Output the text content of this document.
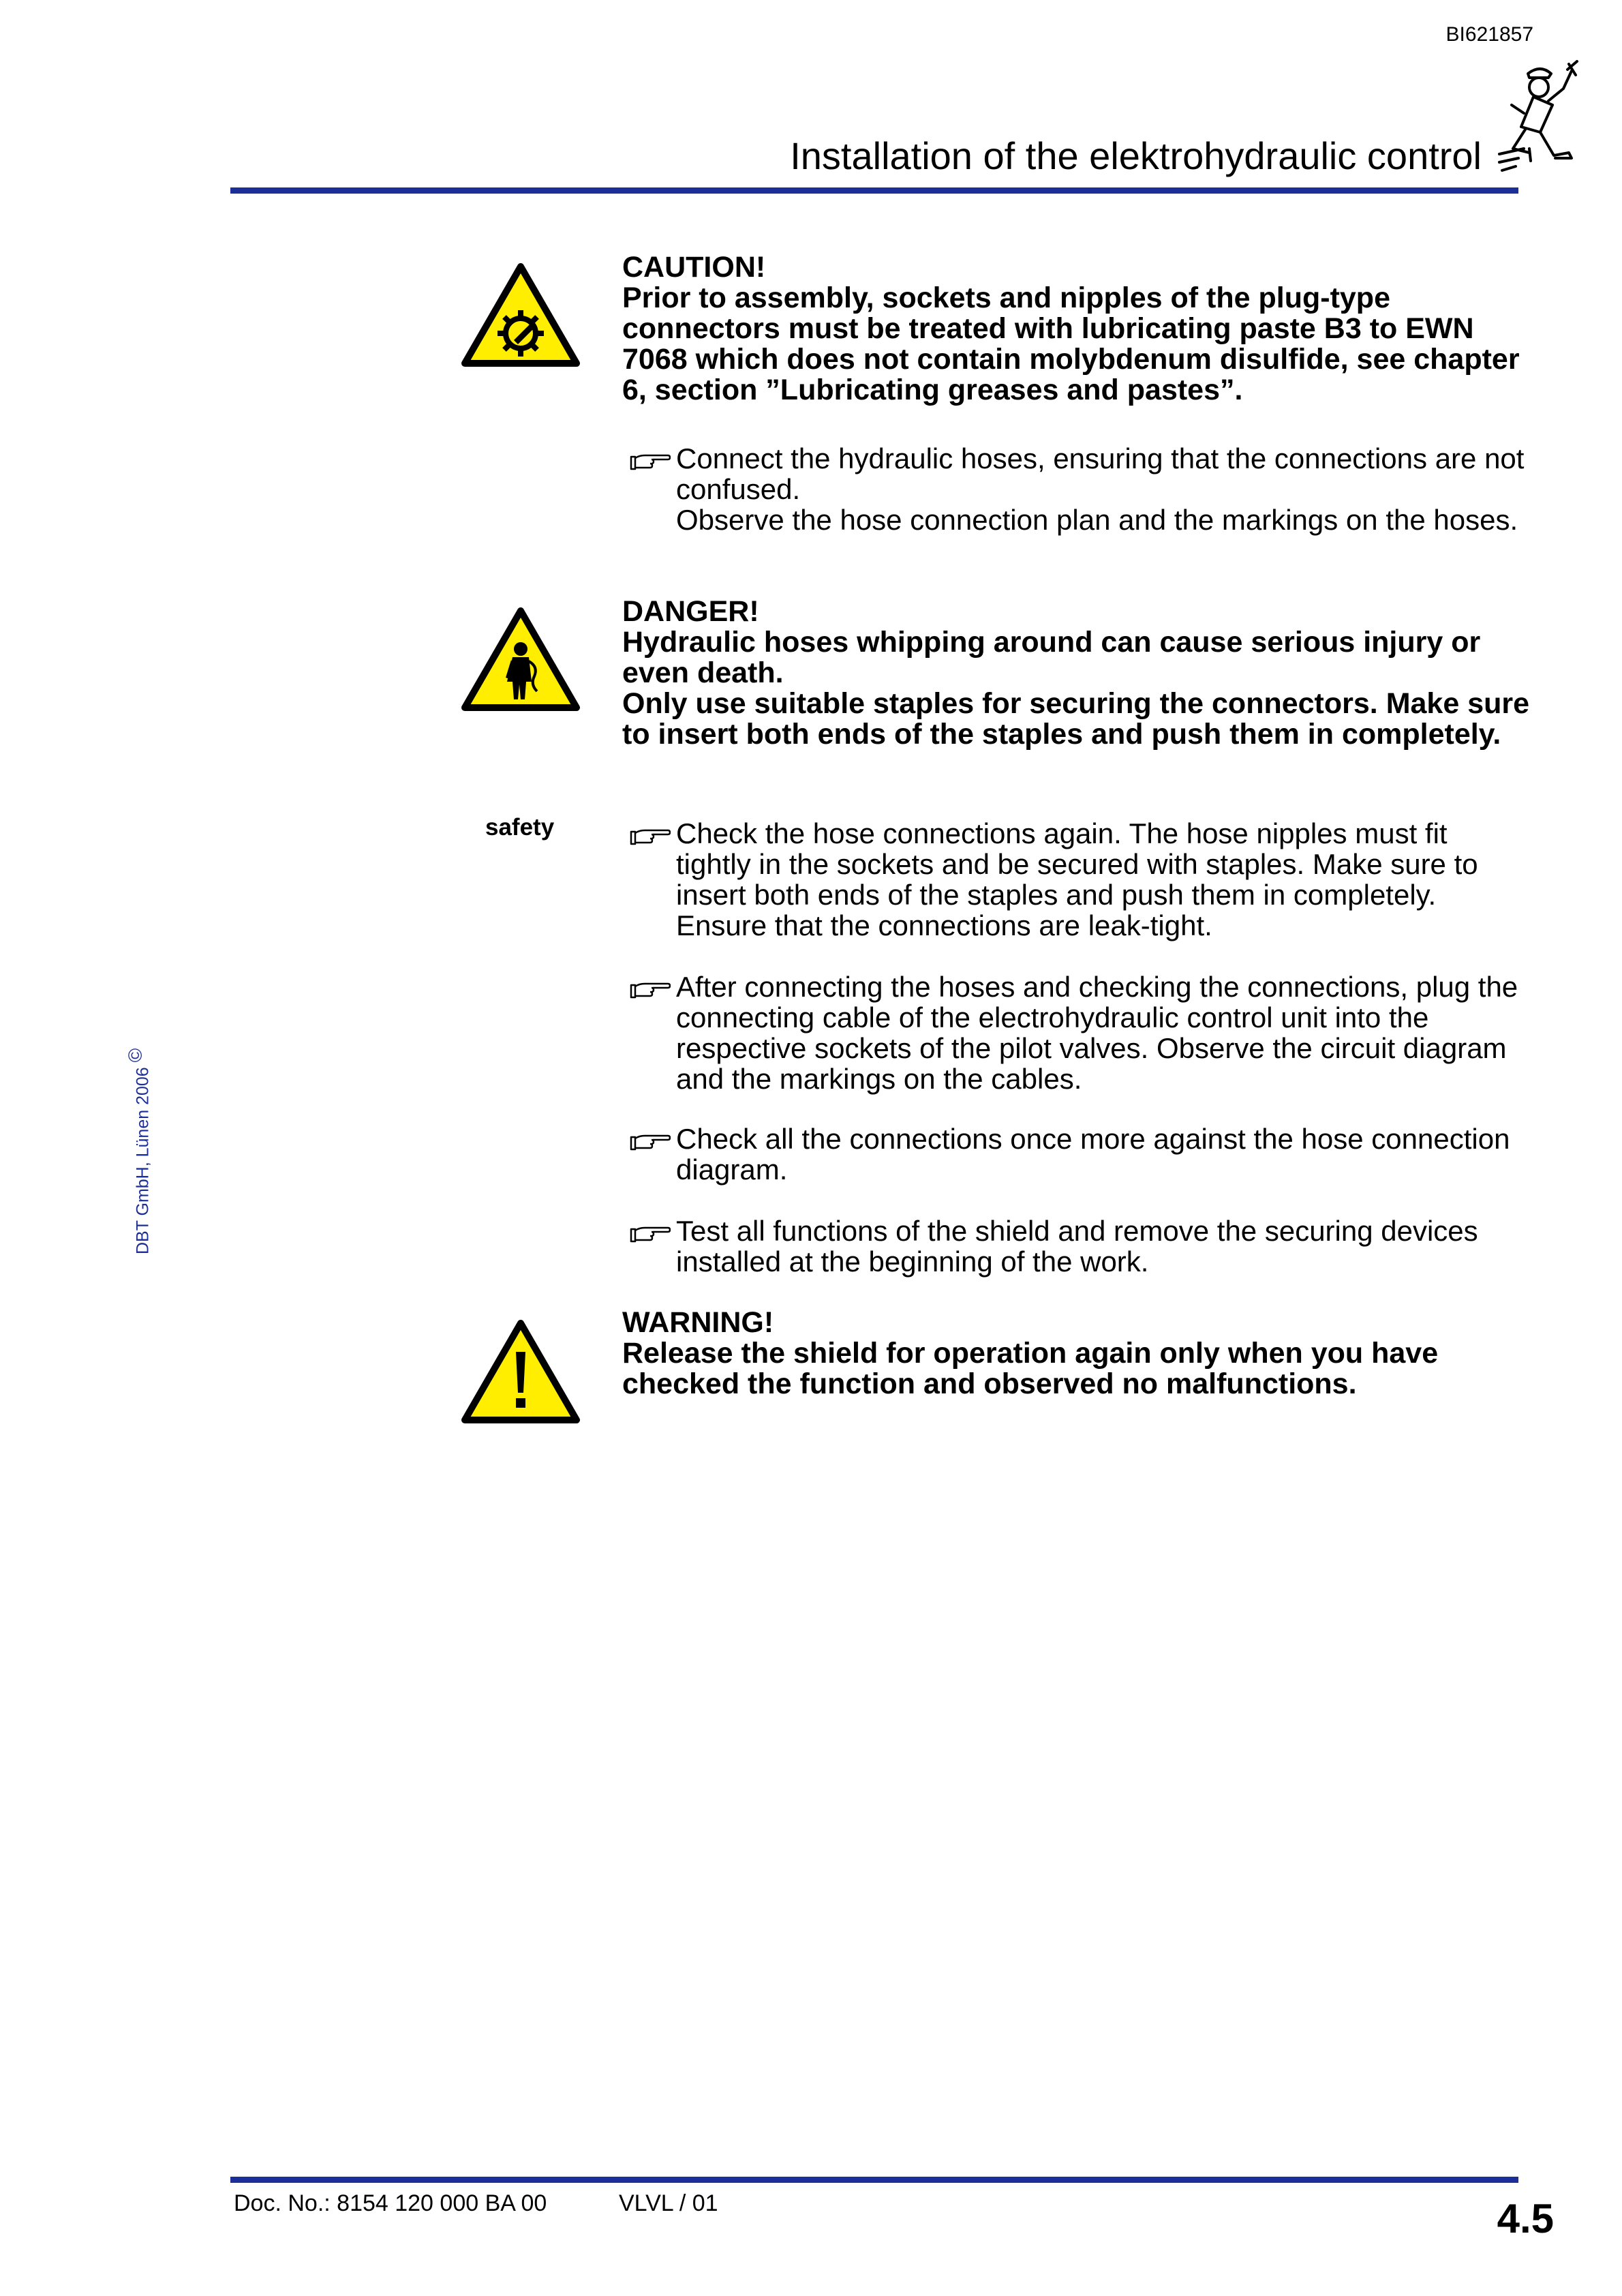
BI621857
Installation of the elektrohydraulic control
DBT GmbH, Lünen 2006 ©
CAUTION!
Prior to assembly, sockets and nipples of the plug-type connectors must be treated with lubricating paste B3 to EWN 7068 which does not contain molybdenum disulfide, see chapter 6, section ”Lubricating greases and pastes”.
Connect the hydraulic hoses, ensuring that the connections are not confused.
Observe the hose connection plan and the markings on the hoses.
DANGER!
Hydraulic hoses whipping around can cause serious injury or even death.
Only use suitable staples for securing the connectors. Make sure to insert both ends of the staples and push them in completely.
safety	Check the hose connections again. The hose nipples must fit tightly in the sockets and be secured with staples. Make sure to insert both ends of the staples and push them in completely. Ensure that the connections are leak-tight.
After connecting the hoses and checking the connections, plug the connecting cable of the electrohydraulic control unit into the respective sockets of the pilot valves. Observe the circuit diagram and the markings on the cables.
Check all the connections once more against the hose connection diagram.
Test all functions of the shield and remove the securing devices installed at the beginning of the work.
WARNING!
Release the shield for operation again only when you have checked the function and observed no malfunctions.
Doc. No.: 8154 120 000 BA 00	VLVL / 01	4.5
